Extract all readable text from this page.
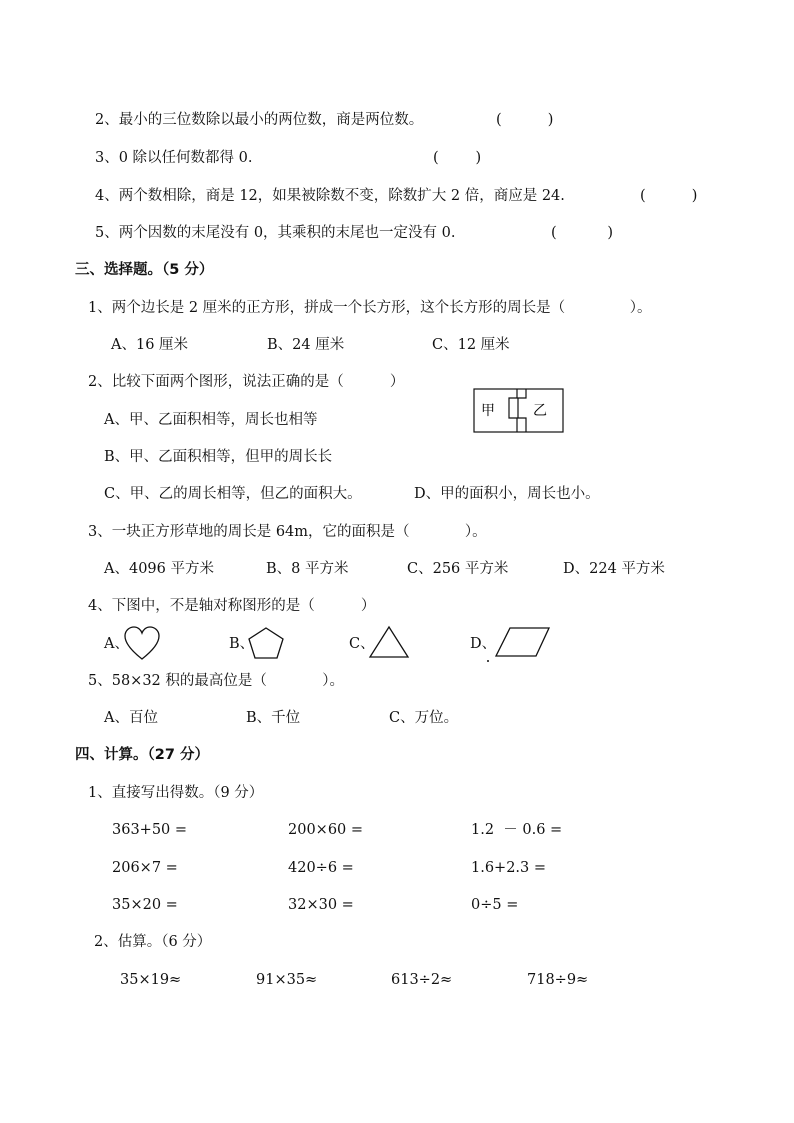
2、最小的三位数除以最小的两位数，商是两位数。	(          )
3、0 除以任何数都得 0.	(        )
4、两个数相除，商是 12，如果被除数不变，除数扩大 2 倍，商应是 24.	(          )
5、两个因数的末尾没有 0，其乘积的末尾也一定没有 0.	(           )
三、选择题。（5 分）
1、两个边长是 2 厘米的正方形，拼成一个长方形，这个长方形的周长是（              ）。
A、16 厘米	B、24 厘米	C、12 厘米
2、比较下面两个图形，说法正确的是（          ）
A、甲、乙面积相等，周长也相等
B、甲、乙面积相等，但甲的周长长
C、甲、乙的周长相等，但乙的面积大。	D、甲的面积小，周长也小。
甲	乙
3、一块正方形草地的周长是 64m，它的面积是（            ）。
A、4096 平方米	B、8 平方米	C、256 平方米	D、224 平方米
4、下图中，不是轴对称图形的是（          ）
A、	B、	C、	D、
5、58×32 积的最高位是（            ）。
A、百位	B、千位	C、万位。
四、计算。（27 分）
1、直接写出得数。（9 分）
363+50 =	200×60 =	1.2  － 0.6 =
206×7 =	420÷6 =	1.6+2.3 =
35×20 =	32×30 =	0÷5 =
2、估算。（6 分）
35×19≈	91×35≈	613÷2≈	718÷9≈
